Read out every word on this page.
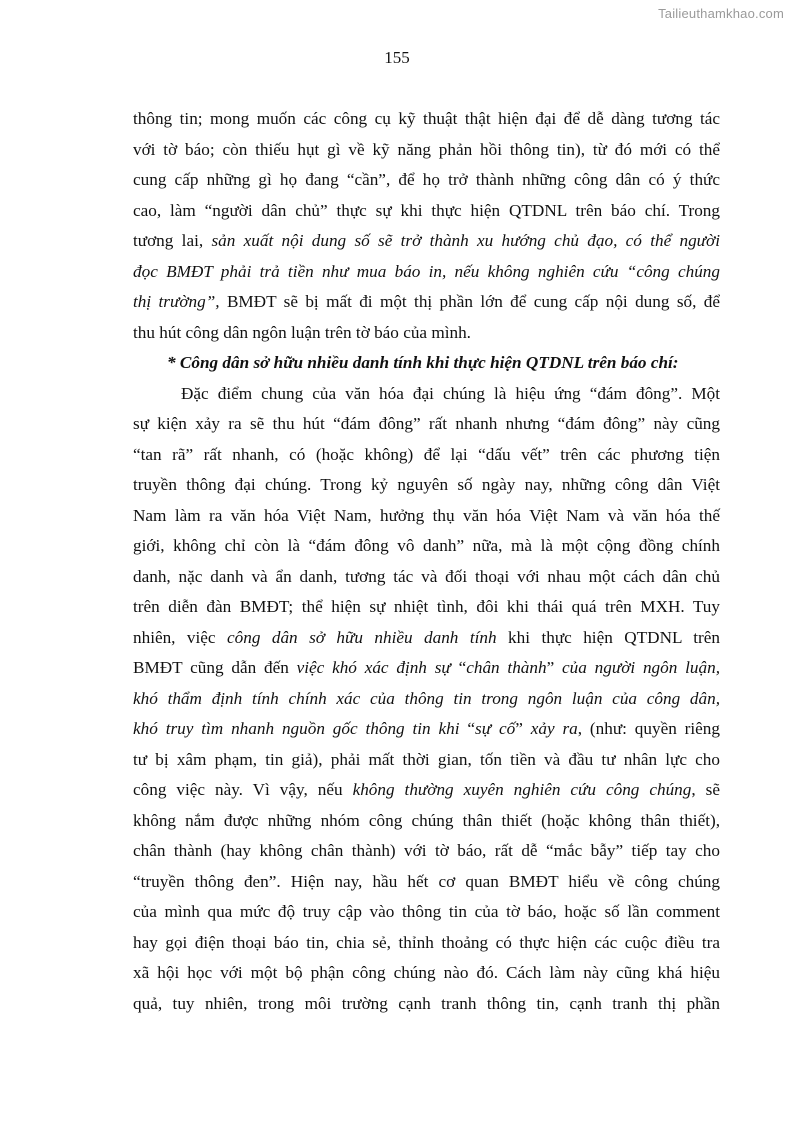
Tailieuthamkhao.com
155
thông tin; mong muốn các công cụ kỹ thuật thật hiện đại để dễ dàng tương tác
với tờ báo; còn thiếu hụt gì về kỹ năng phản hồi thông tin), từ đó mới có thể
cung cấp những gì họ đang “cần”, để họ trở thành những công dân có ý thức
cao, làm “người dân chủ” thực sự khi thực hiện QTDNL trên báo chí. Trong
tương lai, sản xuất nội dung số sẽ trở thành xu hướng chủ đạo, có thể người
đọc BMĐT phải trả tiền như mua báo in, nếu không nghiên cứu “công chúng
thị trường”, BMĐT sẽ bị mất đi một thị phần lớn để cung cấp nội dung số, để
thu hút công dân ngôn luận trên tờ báo của mình.
* Công dân sở hữu nhiều danh tính khi thực hiện QTDNL trên báo chí:
Đặc điểm chung của văn hóa đại chúng là hiệu ứng “đám đông”. Một
sự kiện xảy ra sẽ thu hút “đám đông” rất nhanh nhưng “đám đông” này cũng
“tan rã” rất nhanh, có (hoặc không) để lại “dấu vết” trên các phương tiện
truyền thông đại chúng. Trong kỷ nguyên số ngày nay, những công dân Việt
Nam làm ra văn hóa Việt Nam, hưởng thụ văn hóa Việt Nam và văn hóa thế
giới, không chỉ còn là “đám đông vô danh” nữa, mà là một cộng đồng chính
danh, nặc danh và ẩn danh, tương tác và đối thoại với nhau một cách dân chủ
trên diễn đàn BMĐT; thể hiện sự nhiệt tình, đôi khi thái quá trên MXH. Tuy
nhiên, việc công dân sở hữu nhiều danh tính khi thực hiện QTDNL trên
BMĐT cũng dẫn đến việc khó xác định sự “chân thành” của người ngôn luận,
khó thẩm định tính chính xác của thông tin trong ngôn luận của công dân,
khó truy tìm nhanh nguồn gốc thông tin khi “sự cố” xảy ra, (như: quyền riêng
tư bị xâm phạm, tin giả), phải mất thời gian, tốn tiền và đầu tư nhân lực cho
công việc này. Vì vậy, nếu không thường xuyên nghiên cứu công chúng, sẽ
không nắm được những nhóm công chúng thân thiết (hoặc không thân thiết),
chân thành (hay không chân thành) với tờ báo, rất dễ “mắc bẫy” tiếp tay cho
“truyền thông đen”. Hiện nay, hầu hết cơ quan BMĐT hiểu về công chúng
của mình qua mức độ truy cập vào thông tin của tờ báo, hoặc số lần comment
hay gọi điện thoại báo tin, chia sẻ, thỉnh thoảng có thực hiện các cuộc điều tra
xã hội học với một bộ phận công chúng nào đó. Cách làm này cũng khá hiệu
quả, tuy nhiên, trong môi trường cạnh tranh thông tin, cạnh tranh thị phần
